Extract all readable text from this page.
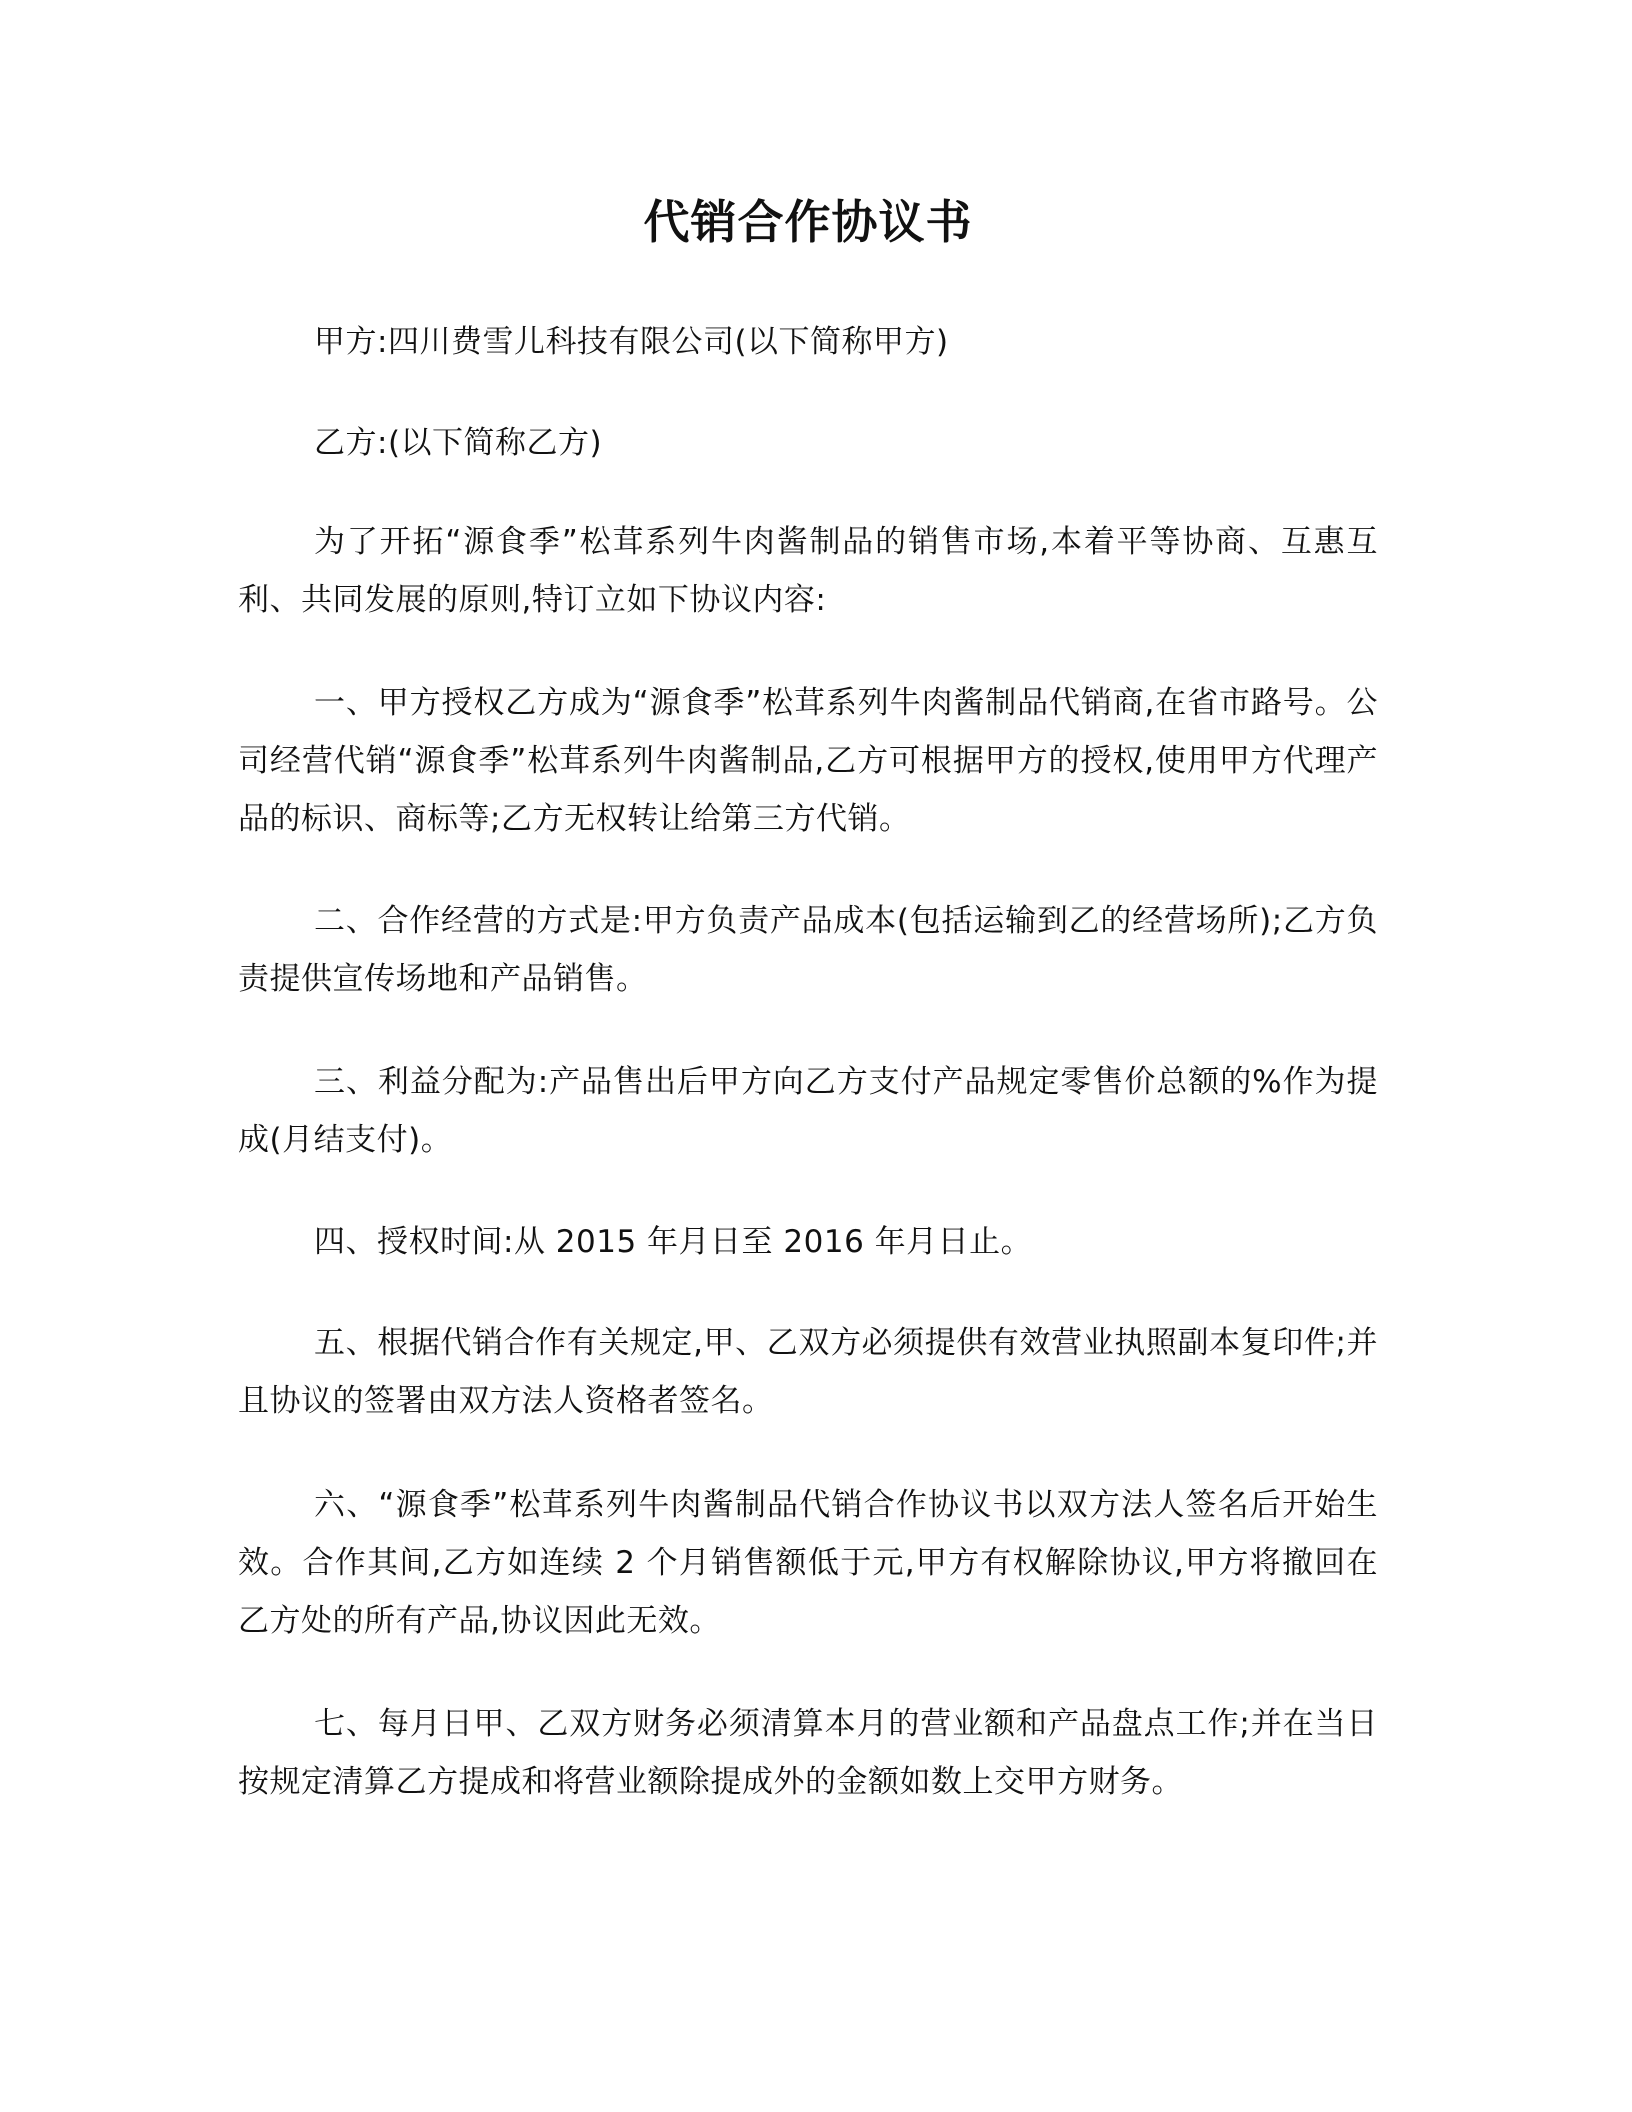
代销合作协议书

甲方:四川费雪儿科技有限公司(以下简称甲方)

乙方:(以下简称乙方)

为了开拓“源食季”松茸系列牛肉酱制品的销售市场,本着平等协商、互惠互利、共同发展的原则,特订立如下协议内容:

一、甲方授权乙方成为“源食季”松茸系列牛肉酱制品代销商,在省市路号。公司经营代销“源食季”松茸系列牛肉酱制品,乙方可根据甲方的授权,使用甲方代理产品的标识、商标等;乙方无权转让给第三方代销。

二、合作经营的方式是:甲方负责产品成本(包括运输到乙的经营场所);乙方负责提供宣传场地和产品销售。

三、利益分配为:产品售出后甲方向乙方支付产品规定零售价总额的%作为提成(月结支付)。

四、授权时间:从 2015 年月日至 2016 年月日止。

五、根据代销合作有关规定,甲、乙双方必须提供有效营业执照副本复印件;并且协议的签署由双方法人资格者签名。

六、“源食季”松茸系列牛肉酱制品代销合作协议书以双方法人签名后开始生效。合作其间,乙方如连续 2 个月销售额低于元,甲方有权解除协议,甲方将撤回在乙方处的所有产品,协议因此无效。

七、每月日甲、乙双方财务必须清算本月的营业额和产品盘点工作;并在当日按规定清算乙方提成和将营业额除提成外的金额如数上交甲方财务。
